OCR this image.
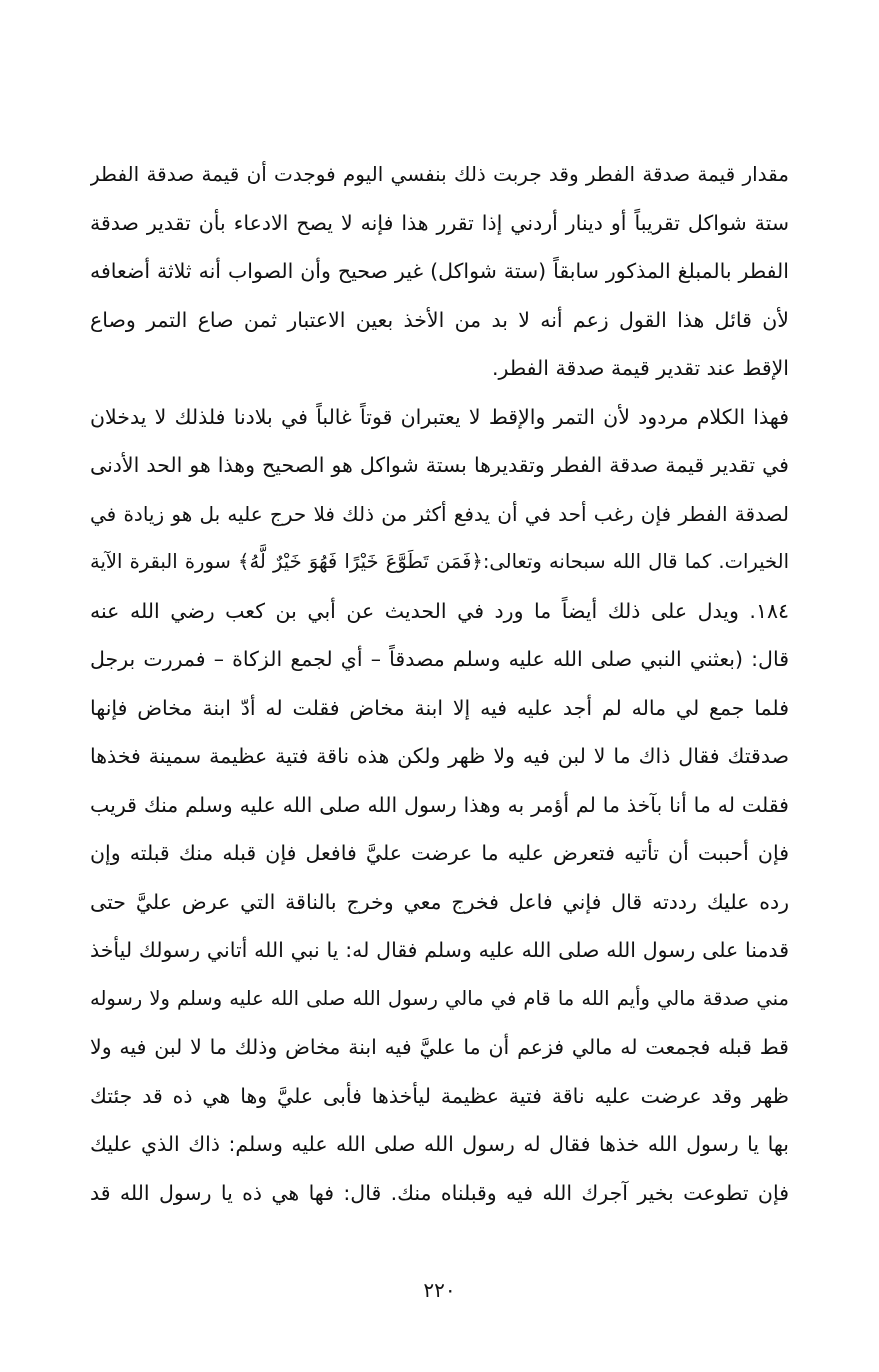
مقدار قيمة صدقة الفطر وقد جربت ذلك بنفسي اليوم فوجدت أن قيمة صدقة الفطر
ستة شواكل تقريباً أو دينار أردني إذا تقرر هذا فإنه لا يصح الادعاء بأن تقدير صدقة
الفطر بالمبلغ المذكور سابقاً (ستة شواكل) غير صحيح وأن الصواب أنه ثلاثة أضعافه
لأن قائل هذا القول زعم أنه لا بد من الأخذ بعين الاعتبار ثمن صاع التمر وصاع
الإقط عند تقدير قيمة صدقة الفطر.
فهذا الكلام مردود لأن التمر والإقط لا يعتبران قوتاً غالباً في بلادنا فلذلك لا يدخلان
في تقدير قيمة صدقة الفطر وتقديرها بستة شواكل هو الصحيح وهذا هو الحد الأدنى
لصدقة الفطر فإن رغب أحد في أن يدفع أكثر من ذلك فلا حرج عليه بل هو زيادة في
الخيرات. كما قال الله سبحانه وتعالى:﴿فَمَن تَطَوَّعَ خَيْرًا فَهُوَ خَيْرٌ لَّهُ﴾ سورة البقرة الآية
١٨٤. ويدل على ذلك أيضاً ما ورد في الحديث عن أبي بن كعب رضي الله عنه
قال: (بعثني النبي صلى الله عليه وسلم مصدقاً – أي لجمع الزكاة – فمررت برجل
فلما جمع لي ماله لم أجد عليه فيه إلا ابنة مخاض فقلت له أدّ ابنة مخاض فإنها
صدقتك فقال ذاك ما لا لبن فيه ولا ظهر ولكن هذه ناقة فتية عظيمة سمينة فخذها
فقلت له ما أنا بآخذ ما لم أؤمر به وهذا رسول الله صلى الله عليه وسلم منك قريب
فإن أحببت أن تأتيه فتعرض عليه ما عرضت عليَّ فافعل فإن قبله منك قبلته وإن
رده عليك رددته قال فإني فاعل فخرج معي وخرج بالناقة التي عرض عليَّ حتى
قدمنا على رسول الله صلى الله عليه وسلم فقال له: يا نبي الله أتاني رسولك ليأخذ
مني صدقة مالي وأيم الله ما قام في مالي رسول الله صلى الله عليه وسلم ولا رسوله
قط قبله فجمعت له مالي فزعم أن ما عليَّ فيه ابنة مخاض وذلك ما لا لبن فيه ولا
ظهر وقد عرضت عليه ناقة فتية عظيمة ليأخذها فأبى عليَّ وها هي ذه قد جئتك
بها يا رسول الله خذها فقال له رسول الله صلى الله عليه وسلم: ذاك الذي عليك
فإن تطوعت بخير آجرك الله فيه وقبلناه منك. قال: فها هي ذه يا رسول الله قد
٢٢٠
